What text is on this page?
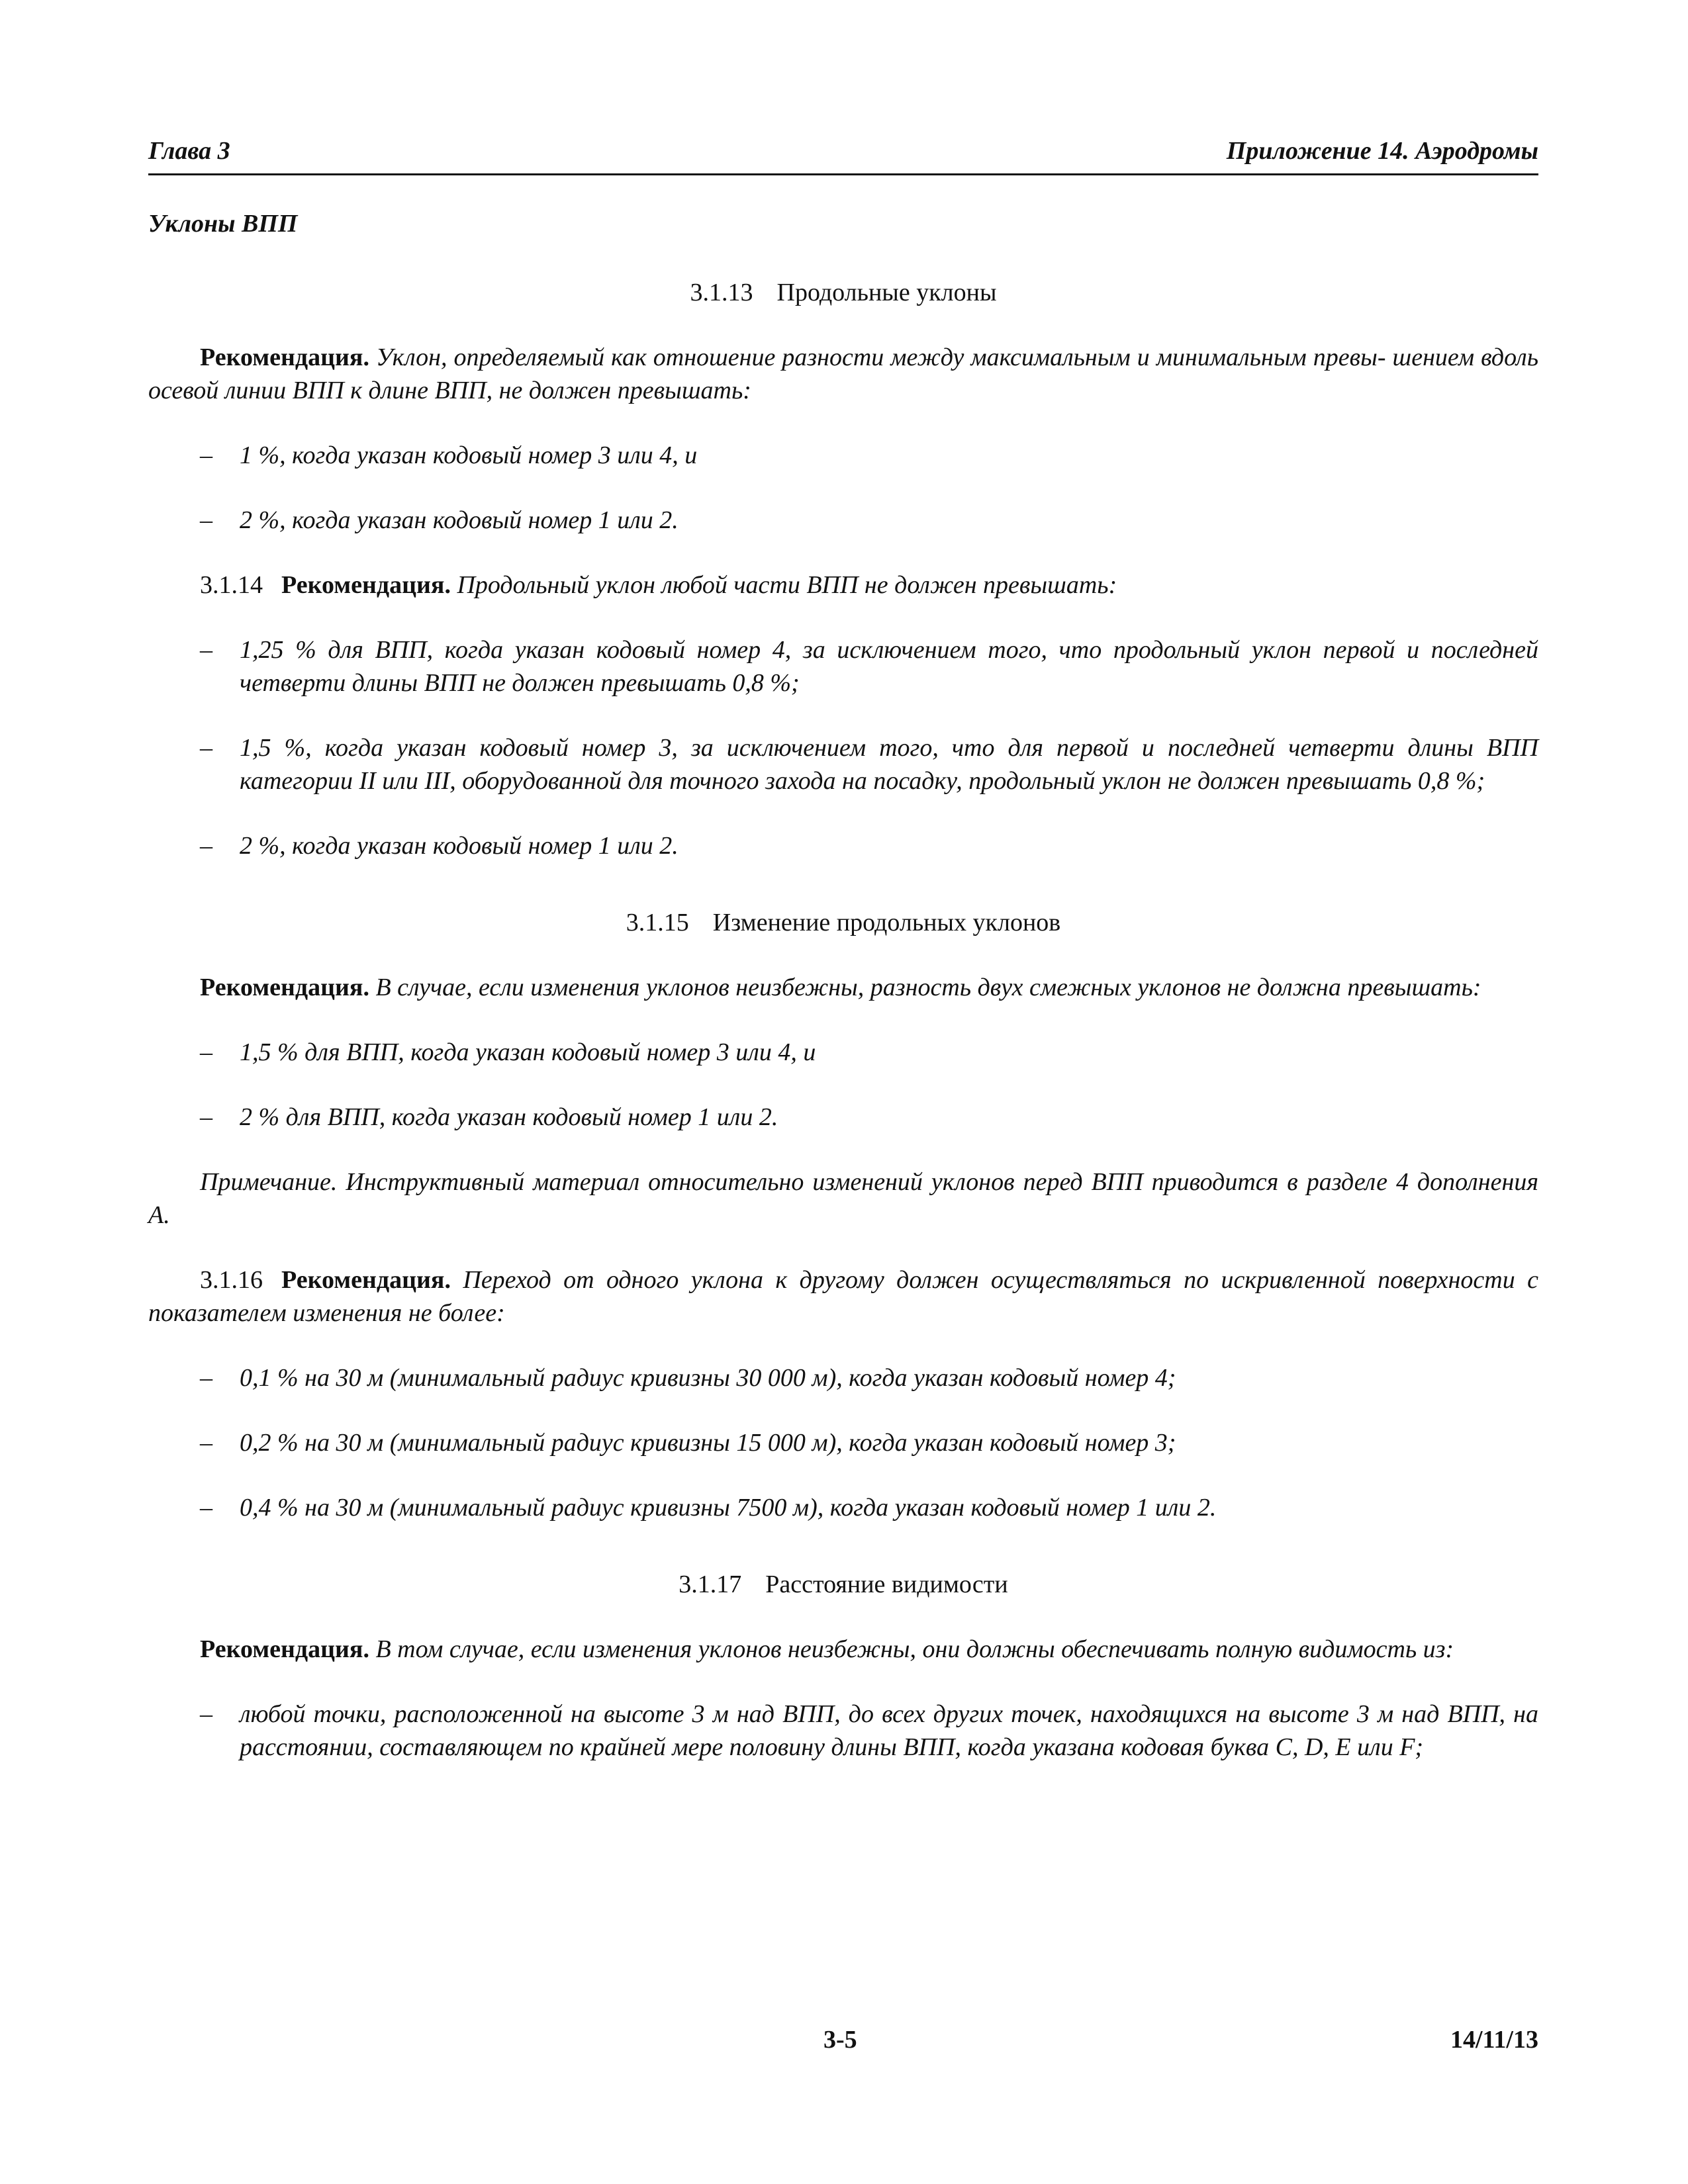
Глава 3	Приложение 14. Аэродромы
Уклоны ВПП
3.1.13 Продольные уклоны
Рекомендация. Уклон, определяемый как отношение разности между максимальным и минимальным превы- шением вдоль осевой линии ВПП к длине ВПП, не должен превышать:
– 1 %, когда указан кодовый номер 3 или 4, и
– 2 %, когда указан кодовый номер 1 или 2.
3.1.14 Рекомендация. Продольный уклон любой части ВПП не должен превышать:
– 1,25 % для ВПП, когда указан кодовый номер 4, за исключением того, что продольный уклон первой и последней четверти длины ВПП не должен превышать 0,8 %;
– 1,5 %, когда указан кодовый номер 3, за исключением того, что для первой и последней четверти длины ВПП категории II или III, оборудованной для точного захода на посадку, продольный уклон не должен превышать 0,8 %;
– 2 %, когда указан кодовый номер 1 или 2.
3.1.15 Изменение продольных уклонов
Рекомендация. В случае, если изменения уклонов неизбежны, разность двух смежных уклонов не должна превышать:
– 1,5 % для ВПП, когда указан кодовый номер 3 или 4, и
– 2 % для ВПП, когда указан кодовый номер 1 или 2.
Примечание. Инструктивный материал относительно изменений уклонов перед ВПП приводится в разделе 4 дополнения А.
3.1.16 Рекомендация. Переход от одного уклона к другому должен осуществляться по искривленной поверхности с показателем изменения не более:
– 0,1 % на 30 м (минимальный радиус кривизны 30 000 м), когда указан кодовый номер 4;
– 0,2 % на 30 м (минимальный радиус кривизны 15 000 м), когда указан кодовый номер 3;
– 0,4 % на 30 м (минимальный радиус кривизны 7500 м), когда указан кодовый номер 1 или 2.
3.1.17 Расстояние видимости
Рекомендация. В том случае, если изменения уклонов неизбежны, они должны обеспечивать полную видимость из:
– любой точки, расположенной на высоте 3 м над ВПП, до всех других точек, находящихся на высоте 3 м над ВПП, на расстоянии, составляющем по крайней мере половину длины ВПП, когда указана кодовая буква C, D, E или F;
3-5	14/11/13
